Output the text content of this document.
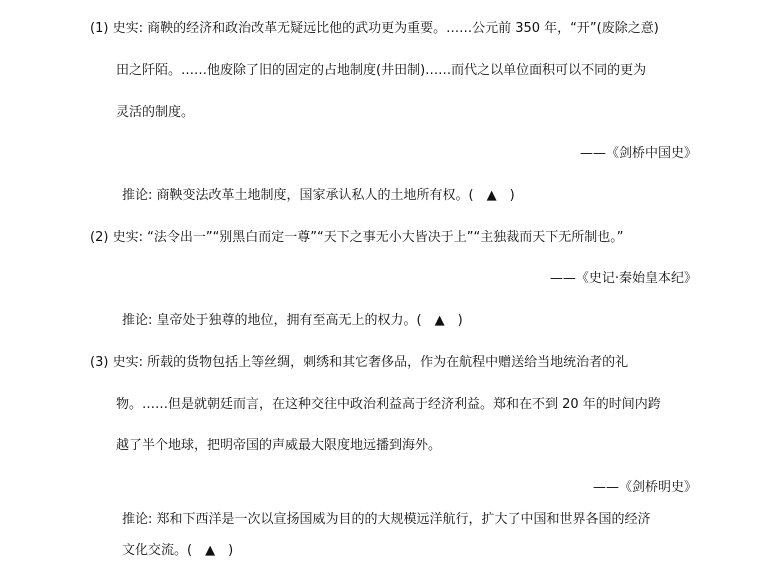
(1) 史实: 商鞅的经济和政治改革无疑远比他的武功更为重要。……公元前 350 年，“开”(废除之意)
田之阡陌。……他废除了旧的固定的占地制度(井田制)……而代之以单位面积可以不同的更为
灵活的制度。
——《剑桥中国史》
推论: 商鞅变法改革土地制度，国家承认私人的土地所有权。(　▲　)
(2) 史实: “法令出一”“别黑白而定一尊”“天下之事无小大皆决于上”“主独裁而天下无所制也。”
——《史记·秦始皇本纪》
推论: 皇帝处于独尊的地位，拥有至高无上的权力。(　▲　)
(3) 史实: 所载的货物包括上等丝绸，刺绣和其它奢侈品，作为在航程中赠送给当地统治者的礼
物。……但是就朝廷而言，在这种交往中政治利益高于经济利益。郑和在不到 20 年的时间内跨
越了半个地球，把明帝国的声威最大限度地远播到海外。
——《剑桥明史》
推论: 郑和下西洋是一次以宣扬国威为目的的大规模远洋航行，扩大了中国和世界各国的经济
文化交流。(　▲　)
